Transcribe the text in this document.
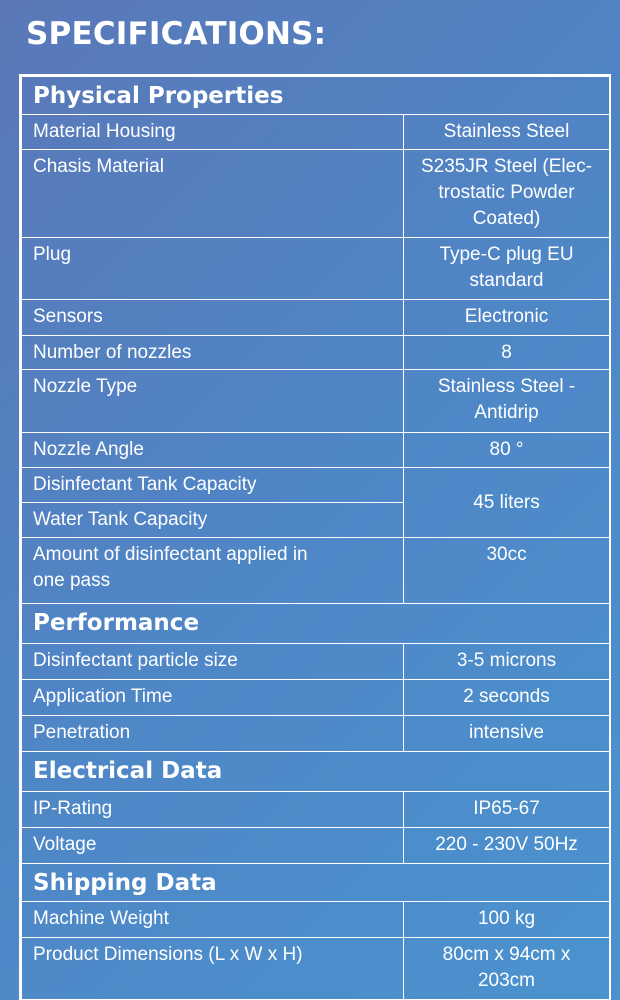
SPECIFICATIONS:
Physical Properties	
Material Housing	Stainless Steel
Chasis Material	S235JR Steel (Elec-
trostatic Powder
Coated)

Plug	Type-C plug EU
standard

Sensors	Electronic
Number of nozzles	8
Nozzle Type	Stainless Steel -
Antidrip

Nozzle Angle	80 °
Disinfectant Tank Capacity	45 liters
Water Tank Capacity	

Amount of disinfectant applied in
one pass	30cc
Performance	
Disinfectant particle size	3-5 microns
Application Time	2 seconds
Penetration	intensive
Electrical Data	
IP-Rating	IP65-67
Voltage	220 - 230V 50Hz
Shipping Data	
Machine Weight	100 kg
Product Dimensions (L x W x H)	80cm x 94cm x
203cm
